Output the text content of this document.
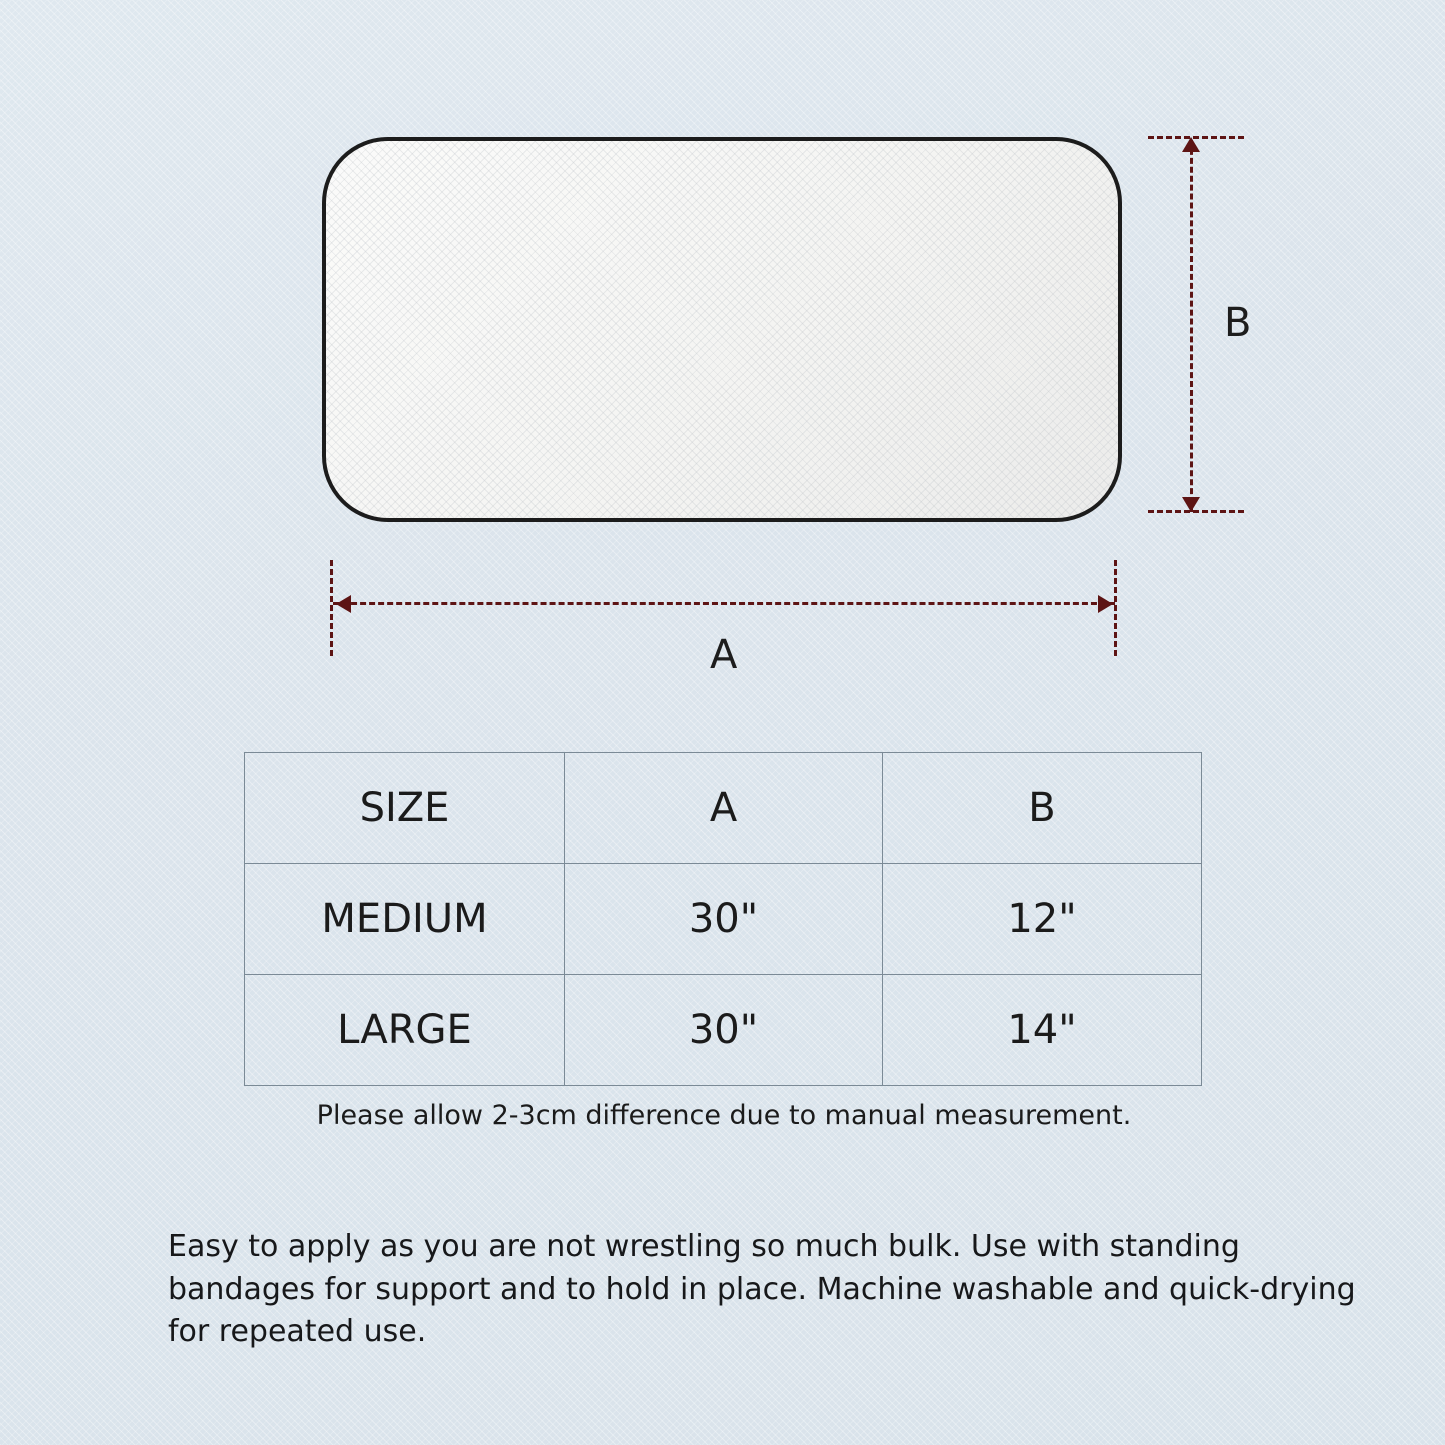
B
A
SIZE	A	B
MEDIUM	30"	12"
LARGE	30"	14"
Please allow 2-3cm difference due to manual measurement.
Easy to apply as you are not wrestling so much bulk. Use with standing bandages for support and to hold in place. Machine washable and quick-drying for repeated use.
